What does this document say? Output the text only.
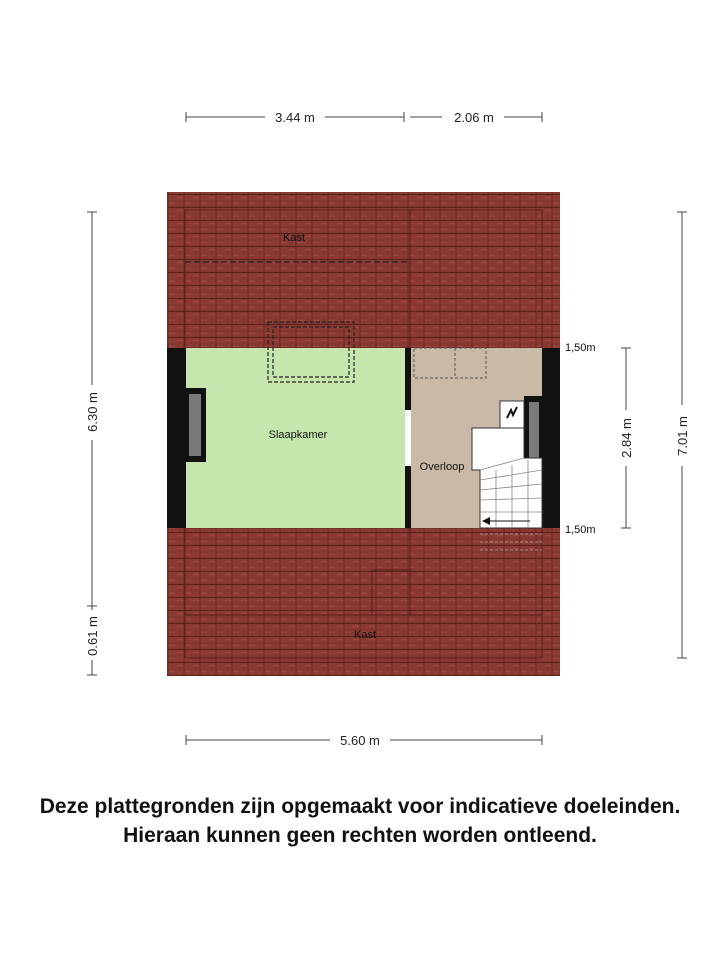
3.44 m	2.06 m
5.60 m
6.30 m
0.61 m
2.84 m	7.01 m
1,50m
1,50m
Kast
Slaapkamer
Overloop
Kast
Deze plattegronden zijn opgemaakt voor indicatieve doeleinden.
Hieraan kunnen geen rechten worden ontleend.
